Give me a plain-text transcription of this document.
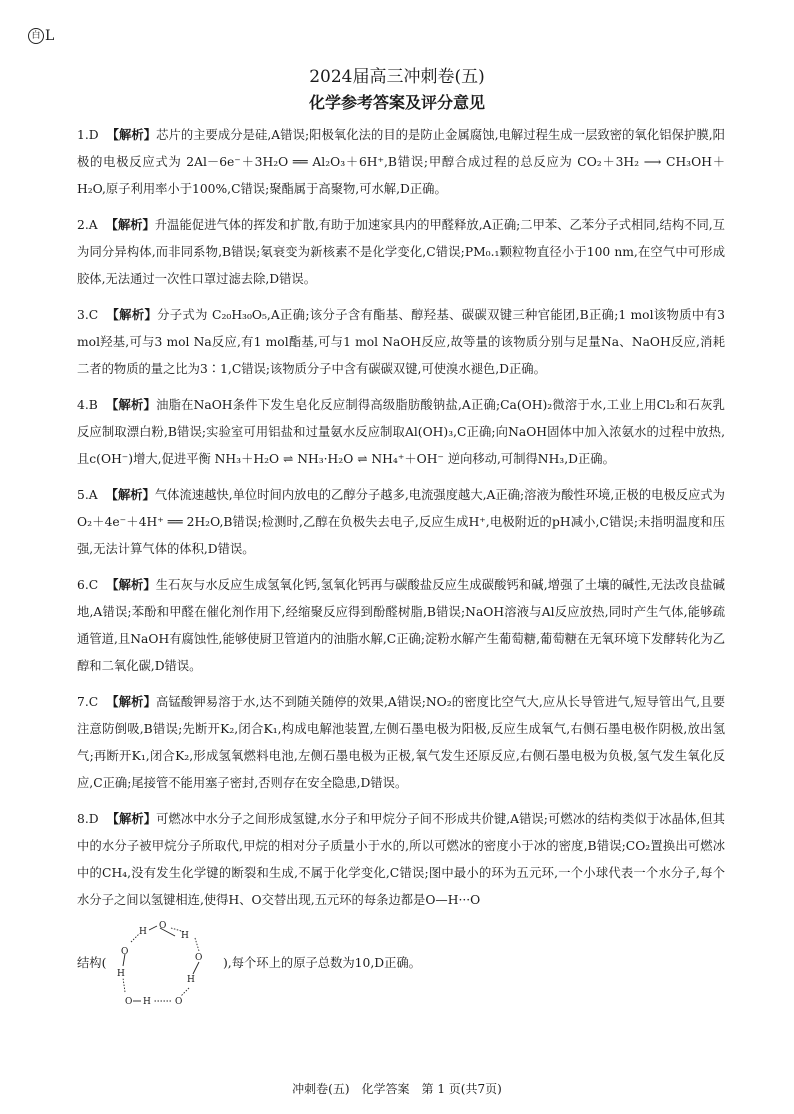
白 L
2024届高三冲刺卷(五)
化学参考答案及评分意见

1.D 【解析】芯片的主要成分是硅,A错误;阳极氧化法的目的是防止金属腐蚀,电解过程生成一层致密的氧化铝保护膜,阳极的电极反应式为 2Al－6e⁻＋3H₂O ══ Al₂O₃＋6H⁺,B错误;甲醇合成过程的总反应为 CO₂＋3H₂ ⟶ CH₃OH＋H₂O,原子利用率小于100%,C错误;聚酯属于高聚物,可水解,D正确。

2.A 【解析】升温能促进气体的挥发和扩散,有助于加速家具内的甲醛释放,A正确;二甲苯、乙苯分子式相同,结构不同,互为同分异构体,而非同系物,B错误;氡衰变为新核素不是化学变化,C错误;PM₀.₁颗粒物直径小于100 nm,在空气中可形成胶体,无法通过一次性口罩过滤去除,D错误。

3.C 【解析】分子式为 C₂₀H₃₀O₅,A正确;该分子含有酯基、醇羟基、碳碳双键三种官能团,B正确;1 mol该物质中有3 mol羟基,可与3 mol Na反应,有1 mol酯基,可与1 mol NaOH反应,故等量的该物质分别与足量Na、NaOH反应,消耗二者的物质的量之比为3∶1,C错误;该物质分子中含有碳碳双键,可使溴水褪色,D正确。

4.B 【解析】油脂在NaOH条件下发生皂化反应制得高级脂肪酸钠盐,A正确;Ca(OH)₂微溶于水,工业上用Cl₂和石灰乳反应制取漂白粉,B错误;实验室可用铝盐和过量氨水反应制取Al(OH)₃,C正确;向NaOH固体中加入浓氨水的过程中放热,且c(OH⁻)增大,促进平衡 NH₃＋H₂O ⇌ NH₃·H₂O ⇌ NH₄⁺＋OH⁻ 逆向移动,可制得NH₃,D正确。

5.A 【解析】气体流速越快,单位时间内放电的乙醇分子越多,电流强度越大,A正确;溶液为酸性环境,正极的电极反应式为 O₂＋4e⁻＋4H⁺ ══ 2H₂O,B错误;检测时,乙醇在负极失去电子,反应生成H⁺,电极附近的pH减小,C错误;未指明温度和压强,无法计算气体的体积,D错误。

6.C 【解析】生石灰与水反应生成氢氧化钙,氢氧化钙再与碳酸盐反应生成碳酸钙和碱,增强了土壤的碱性,无法改良盐碱地,A错误;苯酚和甲醛在催化剂作用下,经缩聚反应得到酚醛树脂,B错误;NaOH溶液与Al反应放热,同时产生气体,能够疏通管道,且NaOH有腐蚀性,能够使厨卫管道内的油脂水解,C正确;淀粉水解产生葡萄糖,葡萄糖在无氧环境下发酵转化为乙醇和二氧化碳,D错误。

7.C 【解析】高锰酸钾易溶于水,达不到随关随停的效果,A错误;NO₂的密度比空气大,应从长导管进气,短导管出气,且要注意防倒吸,B错误;先断开K₂,闭合K₁,构成电解池装置,左侧石墨电极为阳极,反应生成氧气,右侧石墨电极作阴极,放出氢气;再断开K₁,闭合K₂,形成氢氧燃料电池,左侧石墨电极为正极,氧气发生还原反应,右侧石墨电极为负极,氢气发生氧化反应,C正确;尾接管不能用塞子密封,否则存在安全隐患,D错误。

8.D 【解析】可燃冰中水分子之间形成氢键,水分子和甲烷分子间不形成共价键,A错误;可燃冰的结构类似于冰晶体,但其中的水分子被甲烷分子所取代,甲烷的相对分子质量小于水的,所以可燃冰的密度小于冰的密度,B错误;CO₂置换出可燃冰中的CH₄,没有发生化学键的断裂和生成,不属于化学变化,C错误;图中最小的环为五元环,一个小球代表一个水分子,每个水分子之间以氢键相连,使得H、O交替出现,五元环的每条边都是O—H···O

结构(
O
H
H
O
O
H
H
O
H
O
),每个环上的原子总数为10,D正确。
冲刺卷(五)　化学答案　第 1 页(共7页)
